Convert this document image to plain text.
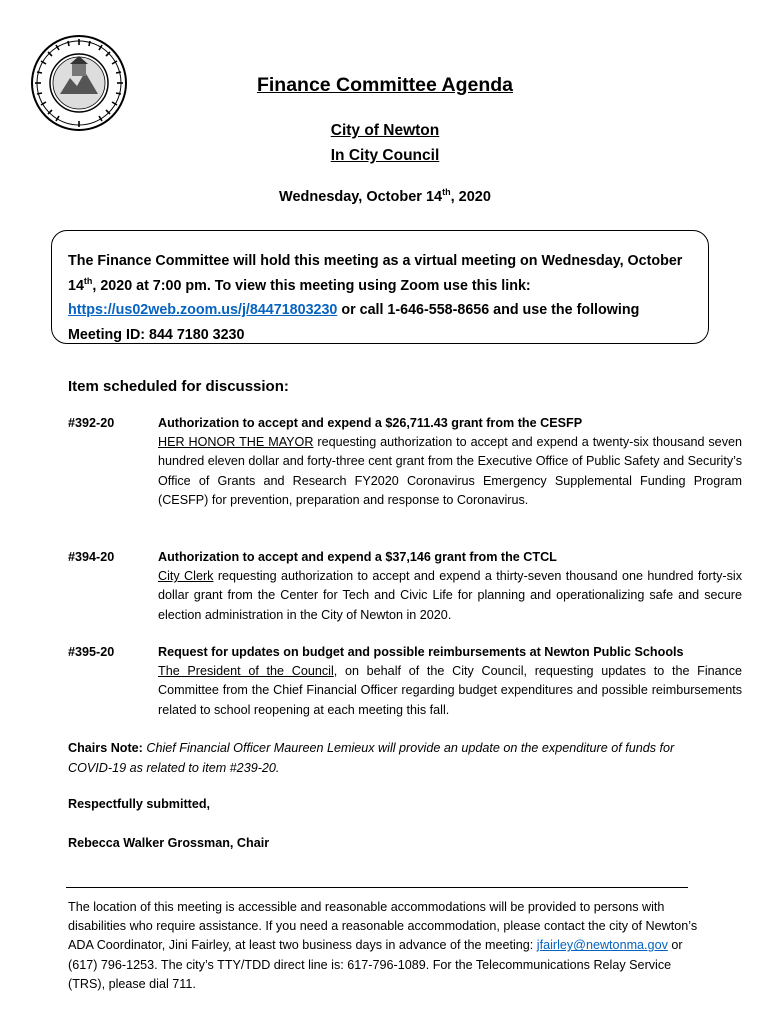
Finance Committee Agenda
City of Newton
In City Council
Wednesday, October 14th, 2020
The Finance Committee will hold this meeting as a virtual meeting on Wednesday, October 14th, 2020 at 7:00 pm. To view this meeting using Zoom use this link: https://us02web.zoom.us/j/84471803230 or call 1-646-558-8656 and use the following Meeting ID: 844 7180 3230
Item scheduled for discussion:
#392-20	Authorization to accept and expend a $26,711.43 grant from the CESFP
HER HONOR THE MAYOR requesting authorization to accept and expend a twenty-six thousand seven hundred eleven dollar and forty-three cent grant from the Executive Office of Public Safety and Security’s Office of Grants and Research FY2020 Coronavirus Emergency Supplemental Funding Program (CESFP) for prevention, preparation and response to Coronavirus.
#394-20	Authorization to accept and expend a $37,146 grant from the CTCL
City Clerk requesting authorization to accept and expend a thirty-seven thousand one hundred forty-six dollar grant from the Center for Tech and Civic Life for planning and operationalizing safe and secure election administration in the City of Newton in 2020.
#395-20	Request for updates on budget and possible reimbursements at Newton Public Schools
The President of the Council, on behalf of the City Council, requesting updates to the Finance Committee from the Chief Financial Officer regarding budget expenditures and possible reimbursements related to school reopening at each meeting this fall.
Chairs Note: Chief Financial Officer Maureen Lemieux will provide an update on the expenditure of funds for COVID-19 as related to item #239-20.
Respectfully submitted,
Rebecca Walker Grossman, Chair
The location of this meeting is accessible and reasonable accommodations will be provided to persons with disabilities who require assistance. If you need a reasonable accommodation, please contact the city of Newton’s ADA Coordinator, Jini Fairley, at least two business days in advance of the meeting: jfairley@newtonma.gov or (617) 796-1253. The city’s TTY/TDD direct line is: 617-796-1089. For the Telecommunications Relay Service (TRS), please dial 711.
